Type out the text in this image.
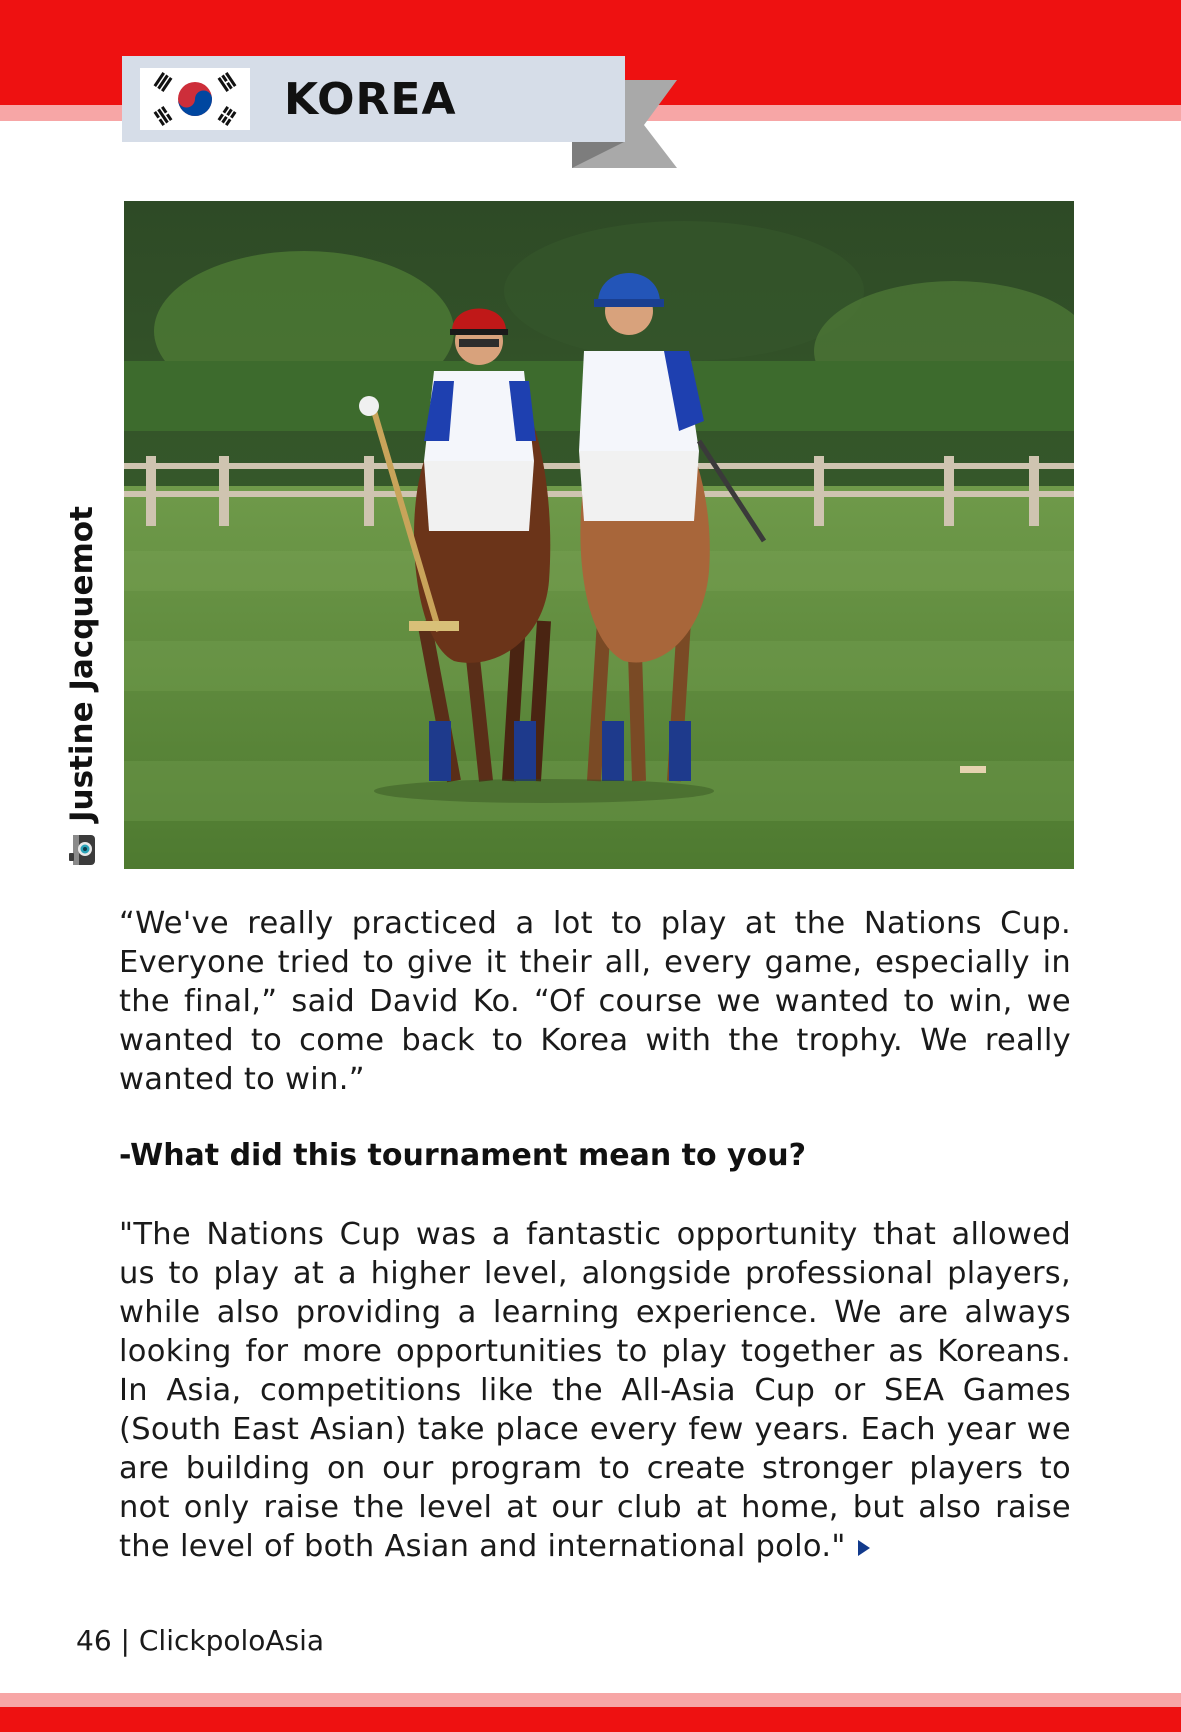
KOREA
Justine Jacquemot

“We've really practiced a lot to play at the Nations Cup. Everyone tried to give it their all, every game, especially in the final,” said David Ko. “Of course we wanted to win, we wanted to come back to Korea with the trophy. We really wanted to win.”

-What did this tournament mean to you?

"The Nations Cup was a fantastic opportunity that allowed us to play at a higher level, alongside professional players, while also providing a learning experience. We are always looking for more opportunities to play together as Koreans. In Asia, competitions like the All-Asia Cup or SEA Games (South East Asian) take place every few years. Each year we are building on our program to create stronger players to not only raise the level at our club at home, but also raise the level of both Asian and international polo."

46 | ClickpoloAsia
